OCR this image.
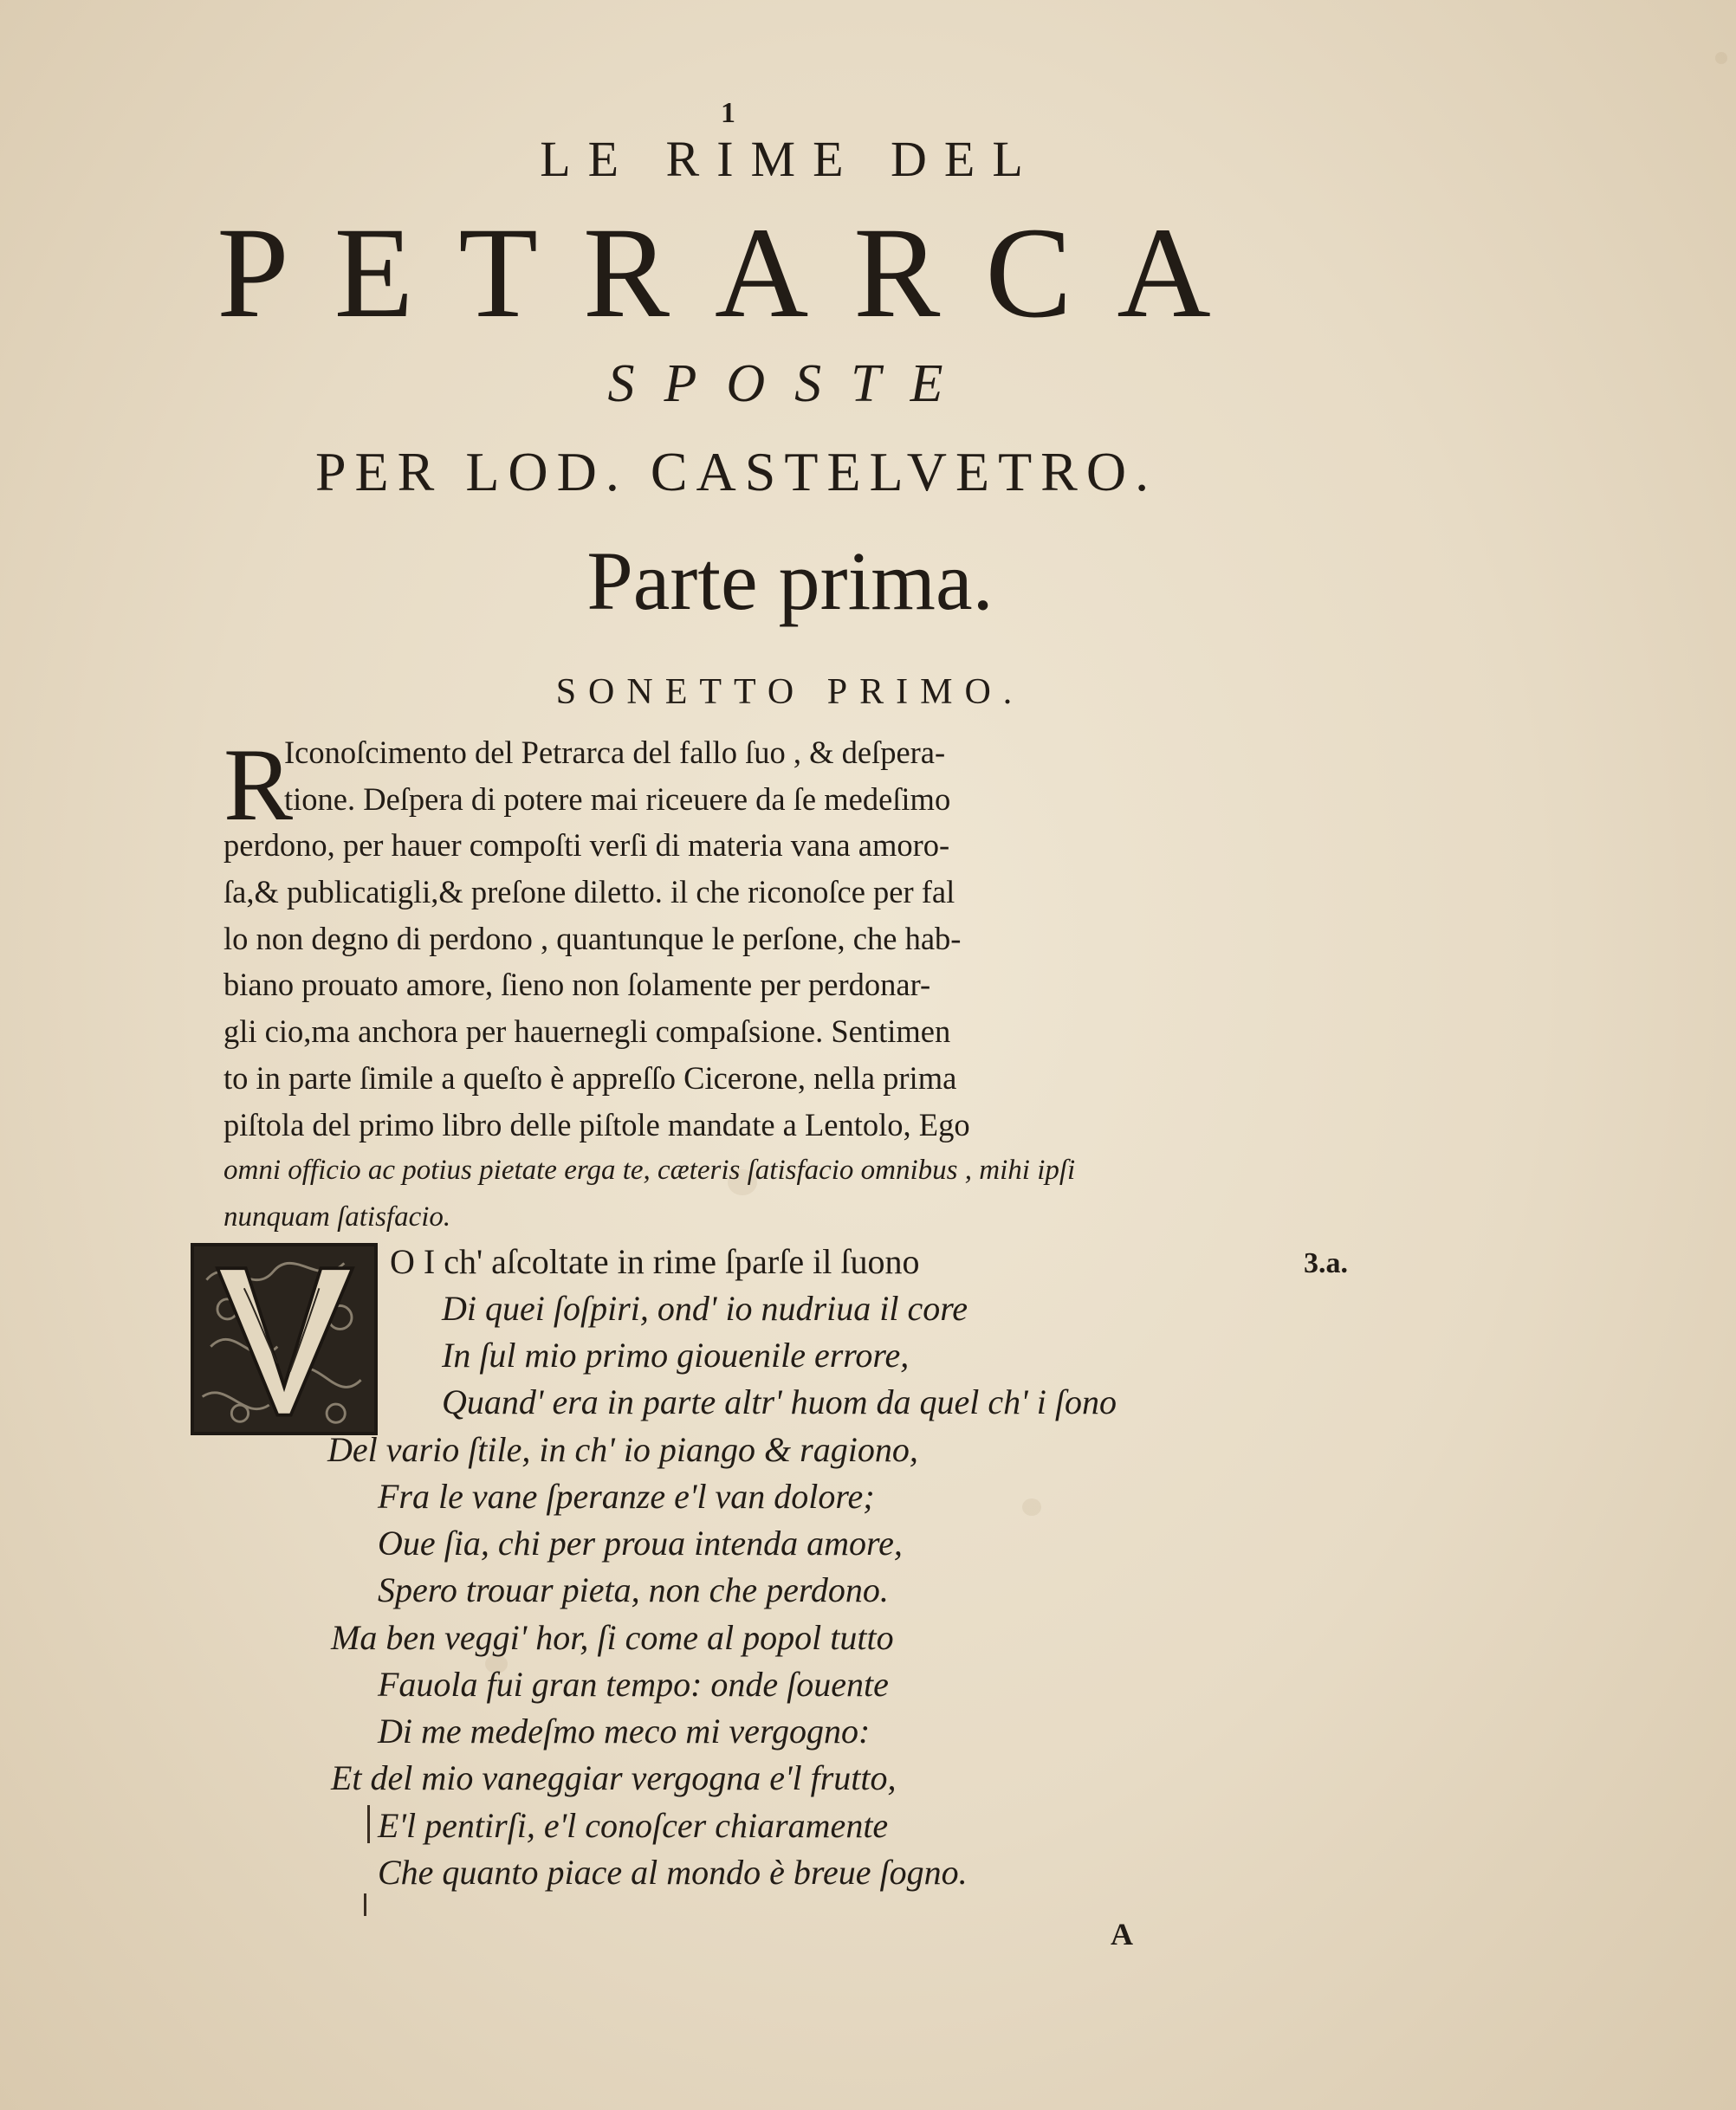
1
LE RIME DEL
PETRARCA
SPOSTE
PER LOD. CASTELVETRO.
Parte prima.
SONETTO PRIMO.
R
Iconoſcimento del Petrarca del fallo ſuo , & deſpera-
tione. Deſpera di potere mai riceuere da ſe medeſimo
perdono, per hauer compoſti verſi di materia vana amoro-
ſa,& publicatigli,& preſone diletto. il che riconoſce per fal
lo non degno di perdono , quantunque le perſone, che hab-
biano prouato amore, ſieno non ſolamente per perdonar-
gli cio,ma anchora per hauernegli compaſsione. Sentimen
to in parte ſimile a queſto è appreſſo Cicerone, nella prima
piſtola del primo libro delle piſtole mandate a Lentolo, Ego
omni officio ac potius pietate erga te, cæteris ſatisfacio omnibus , mihi ipſi
nunquam ſatisfacio.
O I ch' aſcoltate in rime ſparſe il ſuono
Di quei ſoſpiri, ond' io nudriua il core
In ſul mio primo giouenile errore,
Quand' era in parte altr' huom da quel ch' i ſono
Del vario ſtile, in ch' io piango & ragiono,
Fra le vane ſperanze e'l van dolore;
Oue ſia, chi per proua intenda amore,
Spero trouar pieta, non che perdono.
Ma ben veggi' hor, ſi come al popol tutto
Fauola fui gran tempo: onde ſouente
Di me medeſmo meco mi vergogno:
Et del mio vaneggiar vergogna e'l frutto,
E'l pentirſi, e'l conoſcer chiaramente
Che quanto piace al mondo è breue ſogno.
3.a.
A
